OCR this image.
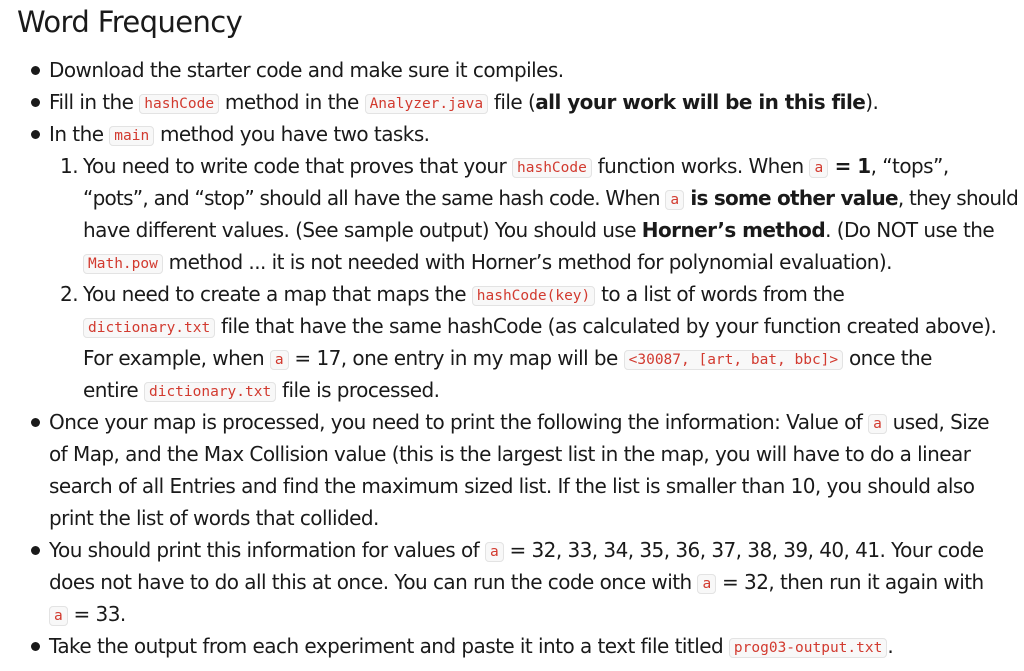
Word Frequency
Download the starter code and make sure it compiles.
Fill in the hashCode method in the Analyzer.java file (all your work will be in this file).
In the main method you have two tasks.
1. You need to write code that proves that your hashCode function works. When a = 1, “tops”,
“pots”, and “stop” should all have the same hash code. When a is some other value, they should
have different values. (See sample output) You should use Horner’s method. (Do NOT use the
Math.pow method ... it is not needed with Horner’s method for polynomial evaluation).
2. You need to create a map that maps the hashCode(key) to a list of words from the
dictionary.txt file that have the same hashCode (as calculated by your function created above).
For example, when a = 17, one entry in my map will be <30087, [art, bat, bbc]> once the
entire dictionary.txt file is processed.
Once your map is processed, you need to print the following the information: Value of a used, Size
of Map, and the Max Collision value (this is the largest list in the map, you will have to do a linear
search of all Entries and find the maximum sized list. If the list is smaller than 10, you should also
print the list of words that collided.
You should print this information for values of a = 32, 33, 34, 35, 36, 37, 38, 39, 40, 41. Your code
does not have to do all this at once. You can run the code once with a = 32, then run it again with
a = 33.
Take the output from each experiment and paste it into a text file titled prog03-output.txt .
